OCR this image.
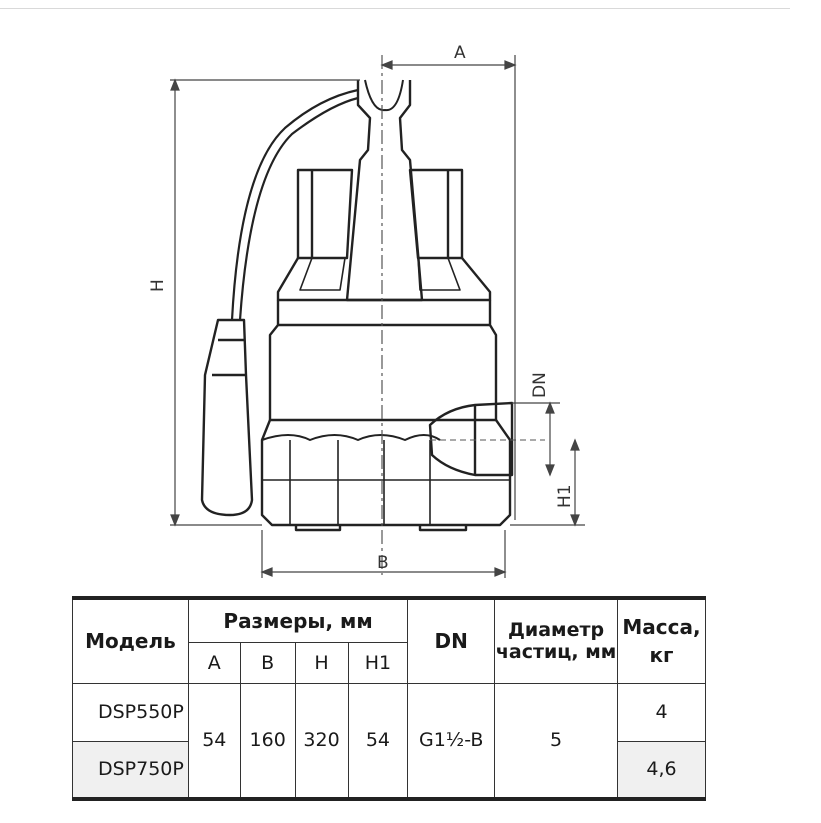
A
H
B
DN
H1
Модель	Размеры, мм				DN	Диаметр частиц, мм	Масса, кг
	A	B	H	H1			
DSP550P	54	160	320	54	G1½-B	5	4
DSP750P							4,6
